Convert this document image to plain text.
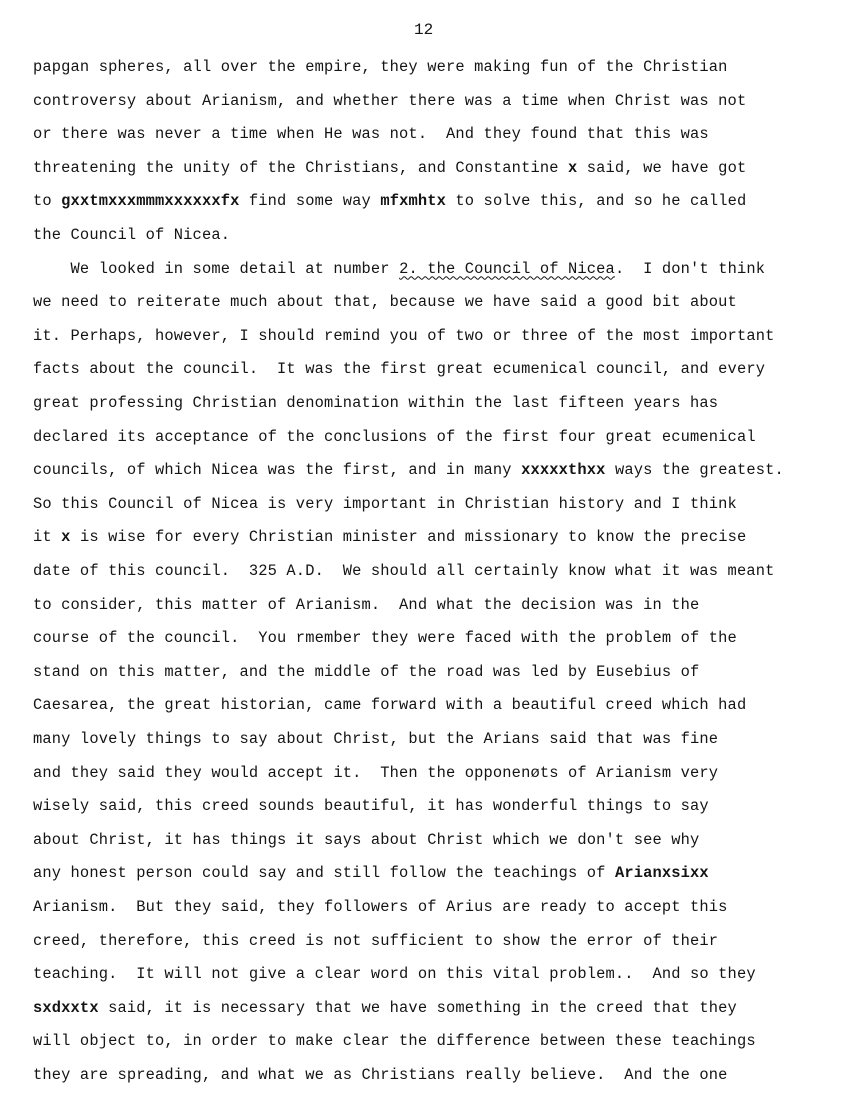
12
papgan spheres, all over the empire, they were making fun of the Christian
controversy about Arianism, and whether there was a time when Christ was not
or there was never a time when He was not.  And they found that this was
threatening the unity of the Christians, and Constantine x said, we have got
to gxxtmxxxmmmxxxxxxfx find some way mfxmhtx to solve this, and so he called
the Council of Nicea.
We looked in some detail at number 2. the Council of Nicea.  I don't think
we need to reiterate much about that, because we have said a good bit about
it. Perhaps, however, I should remind you of two or three of the most important
facts about the council.  It was the first great ecumenical council, and every
great professing Christian denomination within the last fifteen years has
declared its acceptance of the conclusions of the first four great ecumenical
councils, of which Nicea was the first, and in many xxxxxthxx ways the greatest.
So this Council of Nicea is very important in Christian history and I think
it x is wise for every Christian minister and missionary to know the precise
date of this council.  325 A.D.  We should all certainly know what it was meant
to consider, this matter of Arianism.  And what the decision was in the
course of the council.  You rmember they were faced with the problem of the
stand on this matter, and the middle of the road was led by Eusebius of
Caesarea, the great historian, came forward with a beautiful creed which had
many lovely things to say about Christ, but the Arians said that was fine
and they said they would accept it.  Then the opponenøts of Arianism very
wisely said, this creed sounds beautiful, it has wonderful things to say
about Christ, it has things it says about Christ which we don't see why
any honest person could say and still follow the teachings of Arianxsixx
Arianism.  But they said, they followers of Arius are ready to accept this
creed, therefore, this creed is not sufficient to show the error of their
teaching.  It will not give a clear word on this vital problem..  And so they
sxdxxtx said, it is necessary that we have something in the creed that they
will object to, in order to make clear the difference between these teachings
they are spreading, and what we as Christians really believe.  And the one
